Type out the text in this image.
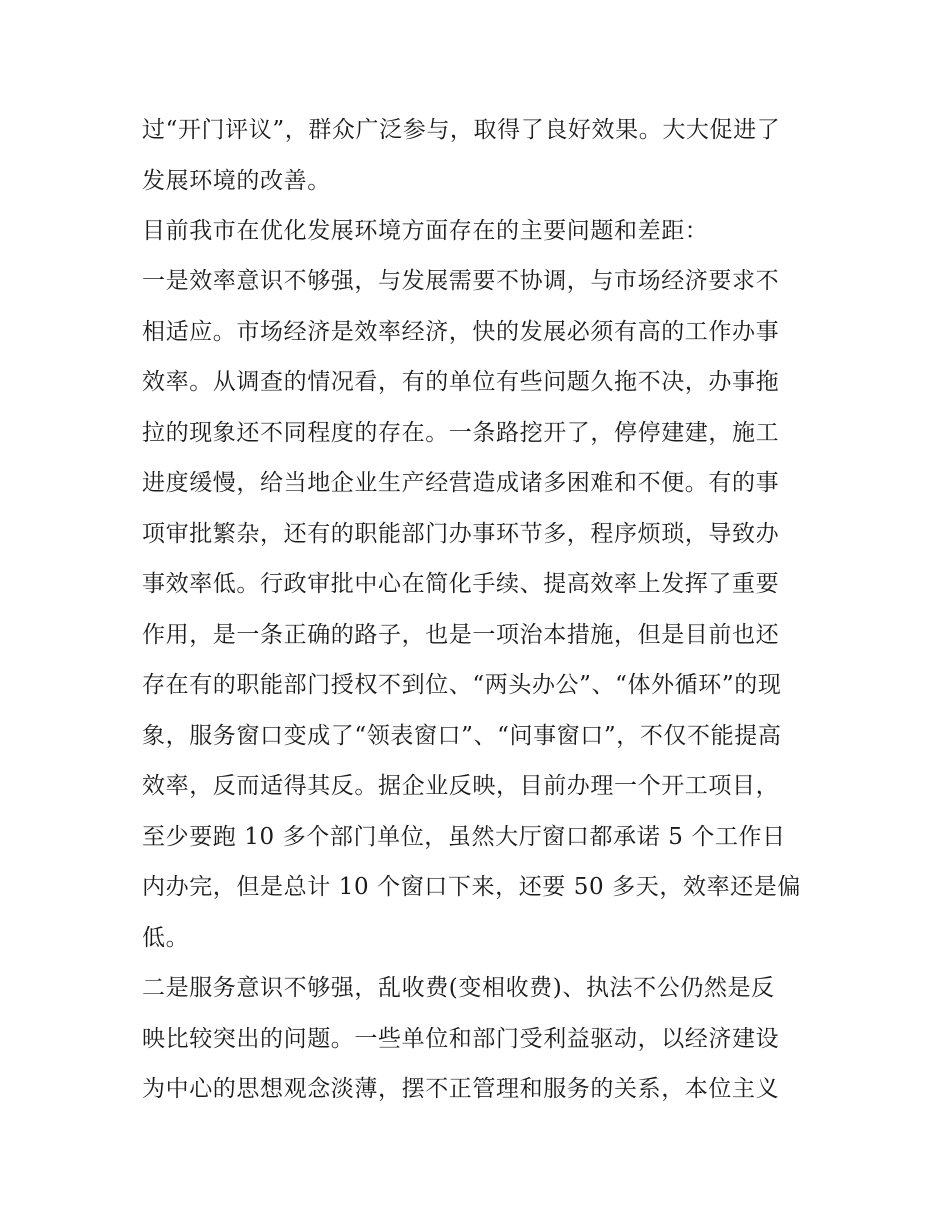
过“开门评议”，群众广泛参与，取得了良好效果。大大促进了

发展环境的改善。

目前我市在优化发展环境方面存在的主要问题和差距：

一是效率意识不够强，与发展需要不协调，与市场经济要求不

相适应。市场经济是效率经济，快的发展必须有高的工作办事

效率。从调查的情况看，有的单位有些问题久拖不决，办事拖

拉的现象还不同程度的存在。一条路挖开了，停停建建，施工

进度缓慢，给当地企业生产经营造成诸多困难和不便。有的事

项审批繁杂，还有的职能部门办事环节多，程序烦琐，导致办

事效率低。行政审批中心在简化手续、提高效率上发挥了重要

作用，是一条正确的路子，也是一项治本措施，但是目前也还

存在有的职能部门授权不到位、“两头办公”、“体外循环”的现

象，服务窗口变成了“领表窗口”、“问事窗口”，不仅不能提高

效率，反而适得其反。据企业反映，目前办理一个开工项目，

至少要跑 10 多个部门单位，虽然大厅窗口都承诺 5 个工作日

内办完，但是总计 10 个窗口下来，还要 50 多天，效率还是偏

低。

二是服务意识不够强，乱收费(变相收费)、执法不公仍然是反

映比较突出的问题。一些单位和部门受利益驱动，以经济建设

为中心的思想观念淡薄，摆不正管理和服务的关系，本位主义
